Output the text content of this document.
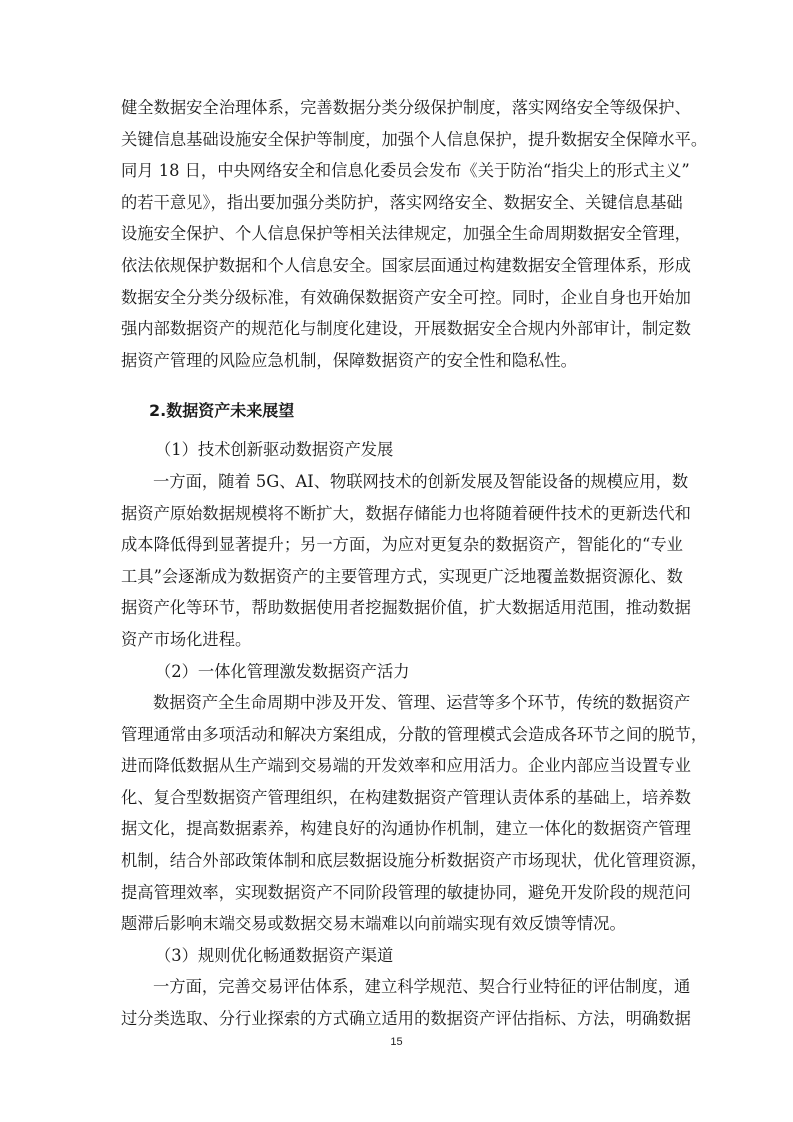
健全数据安全治理体系，完善数据分类分级保护制度，落实网络安全等级保护、
关键信息基础设施安全保护等制度，加强个人信息保护，提升数据安全保障水平。
同月 18 日，中央网络安全和信息化委员会发布《关于防治“指尖上的形式主义”
的若干意见》，指出要加强分类防护，落实网络安全、数据安全、关键信息基础
设施安全保护、个人信息保护等相关法律规定，加强全生命周期数据安全管理，
依法依规保护数据和个人信息安全。国家层面通过构建数据安全管理体系，形成
数据安全分类分级标准，有效确保数据资产安全可控。同时，企业自身也开始加
强内部数据资产的规范化与制度化建设，开展数据安全合规内外部审计，制定数
据资产管理的风险应急机制，保障数据资产的安全性和隐私性。
2.数据资产未来展望
（1）技术创新驱动数据资产发展
一方面，随着 5G、AI、物联网技术的创新发展及智能设备的规模应用，数
据资产原始数据规模将不断扩大，数据存储能力也将随着硬件技术的更新迭代和
成本降低得到显著提升；另一方面，为应对更复杂的数据资产，智能化的“专业
工具”会逐渐成为数据资产的主要管理方式，实现更广泛地覆盖数据资源化、数
据资产化等环节，帮助数据使用者挖掘数据价值，扩大数据适用范围，推动数据
资产市场化进程。
（2）一体化管理激发数据资产活力
数据资产全生命周期中涉及开发、管理、运营等多个环节，传统的数据资产
管理通常由多项活动和解决方案组成，分散的管理模式会造成各环节之间的脱节，
进而降低数据从生产端到交易端的开发效率和应用活力。企业内部应当设置专业
化、复合型数据资产管理组织，在构建数据资产管理认责体系的基础上，培养数
据文化，提高数据素养，构建良好的沟通协作机制，建立一体化的数据资产管理
机制，结合外部政策体制和底层数据设施分析数据资产市场现状，优化管理资源，
提高管理效率，实现数据资产不同阶段管理的敏捷协同，避免开发阶段的规范问
题滞后影响末端交易或数据交易末端难以向前端实现有效反馈等情况。
（3）规则优化畅通数据资产渠道
一方面，完善交易评估体系，建立科学规范、契合行业特征的评估制度，通
过分类选取、分行业探索的方式确立适用的数据资产评估指标、方法，明确数据
15
